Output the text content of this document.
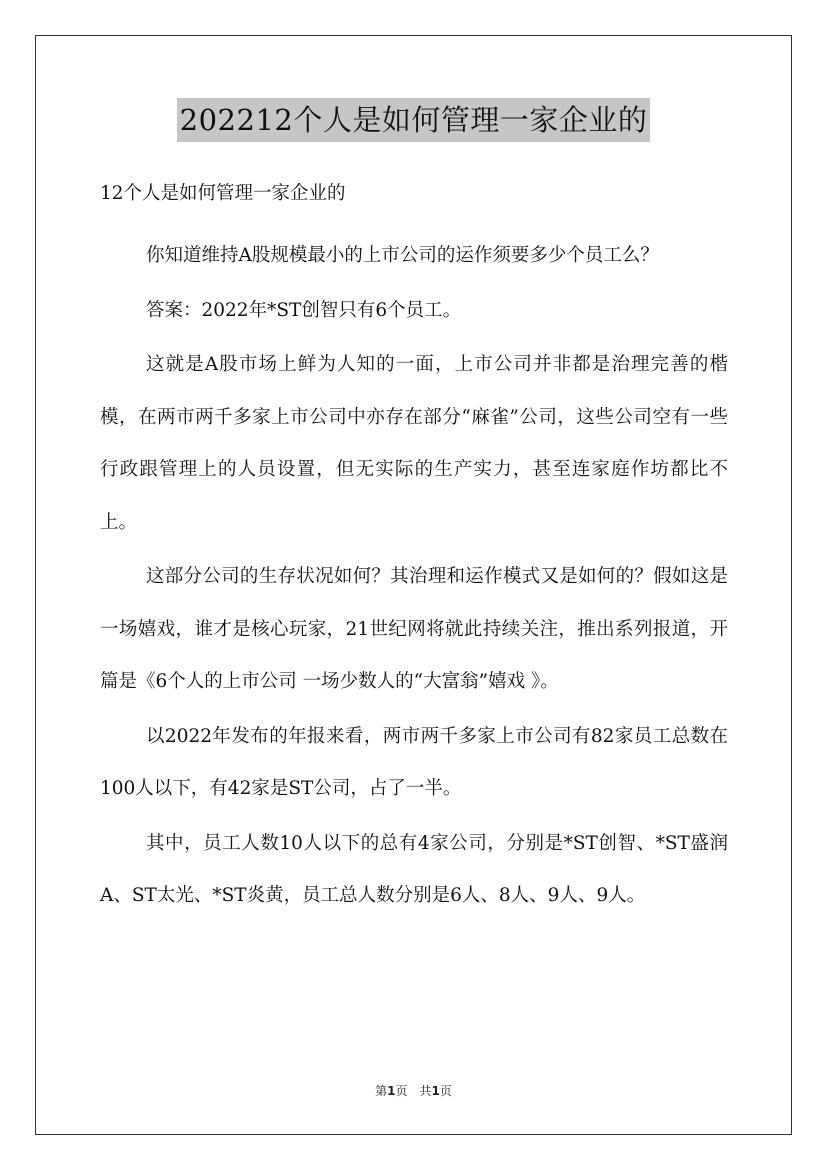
202212个人是如何管理一家企业的
12个人是如何管理一家企业的

你知道维持A股规模最小的上市公司的运作须要多少个员工么？

答案：2022年*ST创智只有6个员工。

这就是A股市场上鲜为人知的一面，上市公司并非都是治理完善的楷模，在两市两千多家上市公司中亦存在部分“麻雀”公司，这些公司空有一些行政跟管理上的人员设置，但无实际的生产实力，甚至连家庭作坊都比不上。

这部分公司的生存状况如何？其治理和运作模式又是如何的？假如这是一场嬉戏，谁才是核心玩家，21世纪网将就此持续关注，推出系列报道，开篇是《6个人的上市公司 一场少数人的“大富翁”嬉戏 》。

以2022年发布的年报来看，两市两千多家上市公司有82家员工总数在100人以下，有42家是ST公司，占了一半。

其中，员工人数10人以下的总有4家公司，分别是*ST创智、*ST盛润A、ST太光、*ST炎黄，员工总人数分别是6人、8人、9人、9人。

第1页 共1页
